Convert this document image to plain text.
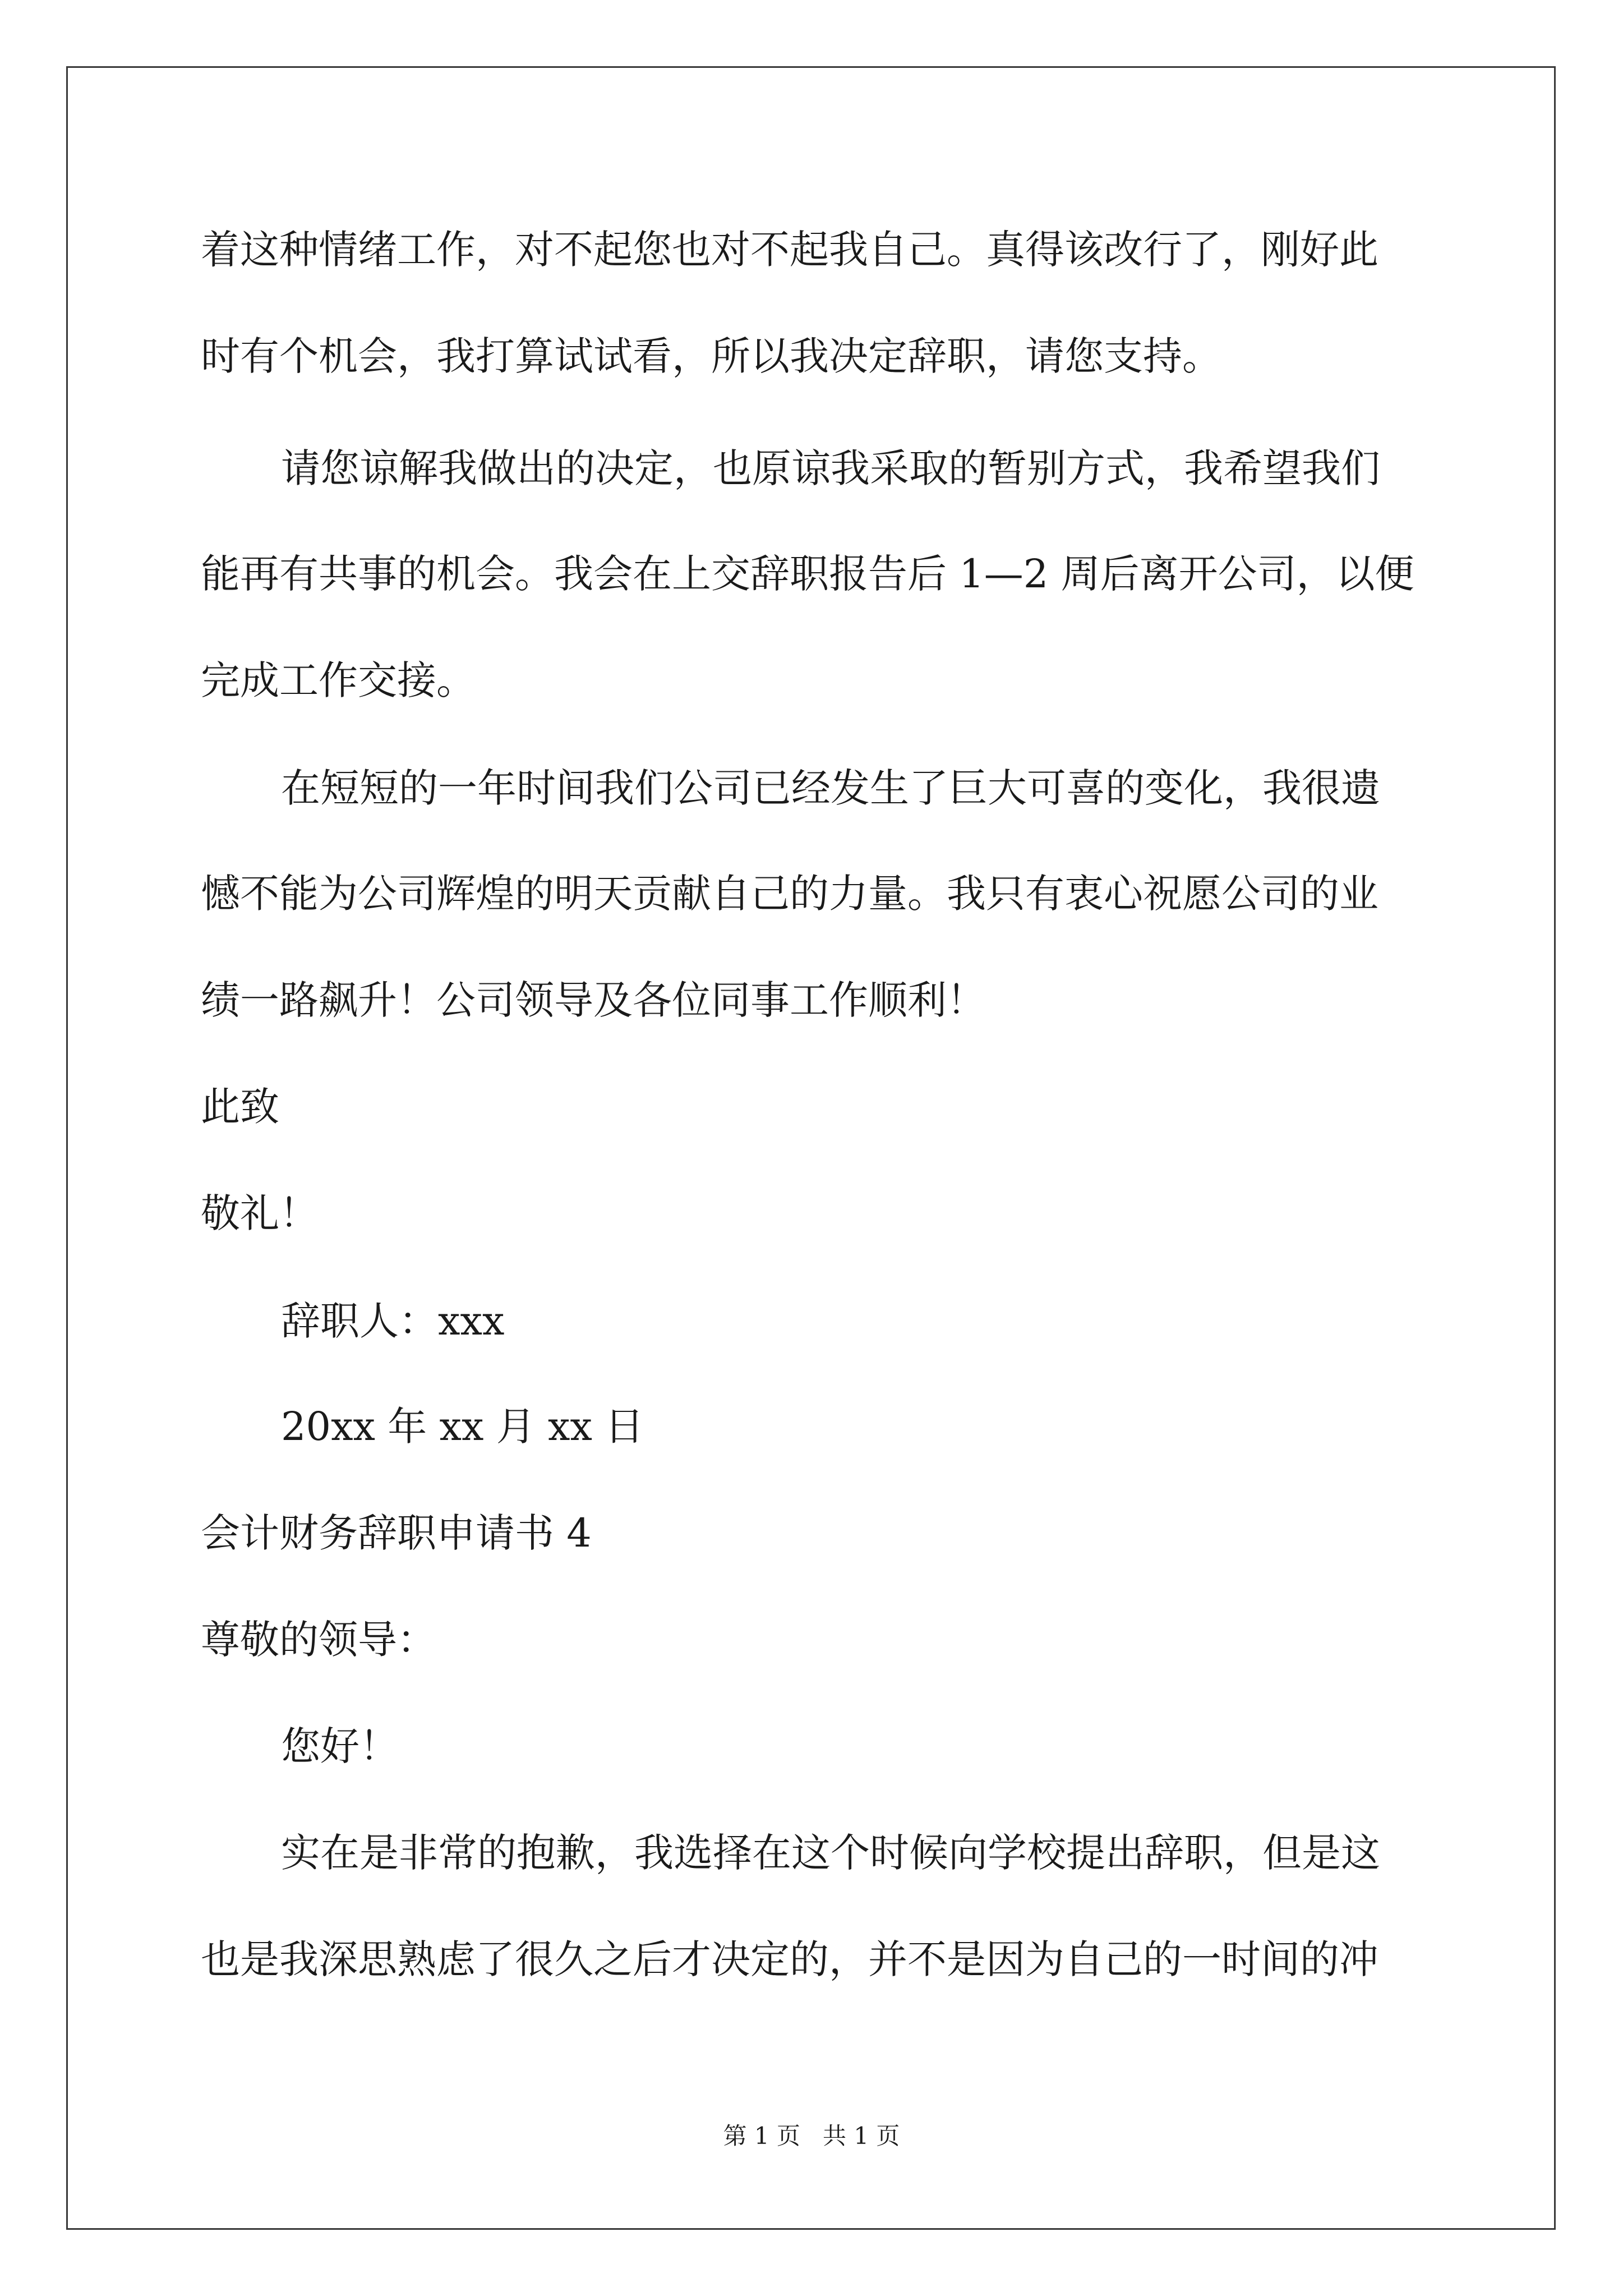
着这种情绪工作，对不起您也对不起我自己。真得该改行了，刚好此
时有个机会，我打算试试看，所以我决定辞职，请您支持。
请您谅解我做出的决定，也原谅我采取的暂别方式，我希望我们
能再有共事的机会。我会在上交辞职报告后 1—2 周后离开公司，以便
完成工作交接。
在短短的一年时间我们公司已经发生了巨大可喜的变化，我很遗
憾不能为公司辉煌的明天贡献自己的力量。我只有衷心祝愿公司的业
绩一路飙升！公司领导及各位同事工作顺利！
此致
敬礼！
辞职人：xxx
20xx 年 xx 月 xx 日
会计财务辞职申请书 4
尊敬的领导：
您好！
实在是非常的抱歉，我选择在这个时候向学校提出辞职，但是这
也是我深思熟虑了很久之后才决定的，并不是因为自己的一时间的冲
第 1 页 共 1 页
